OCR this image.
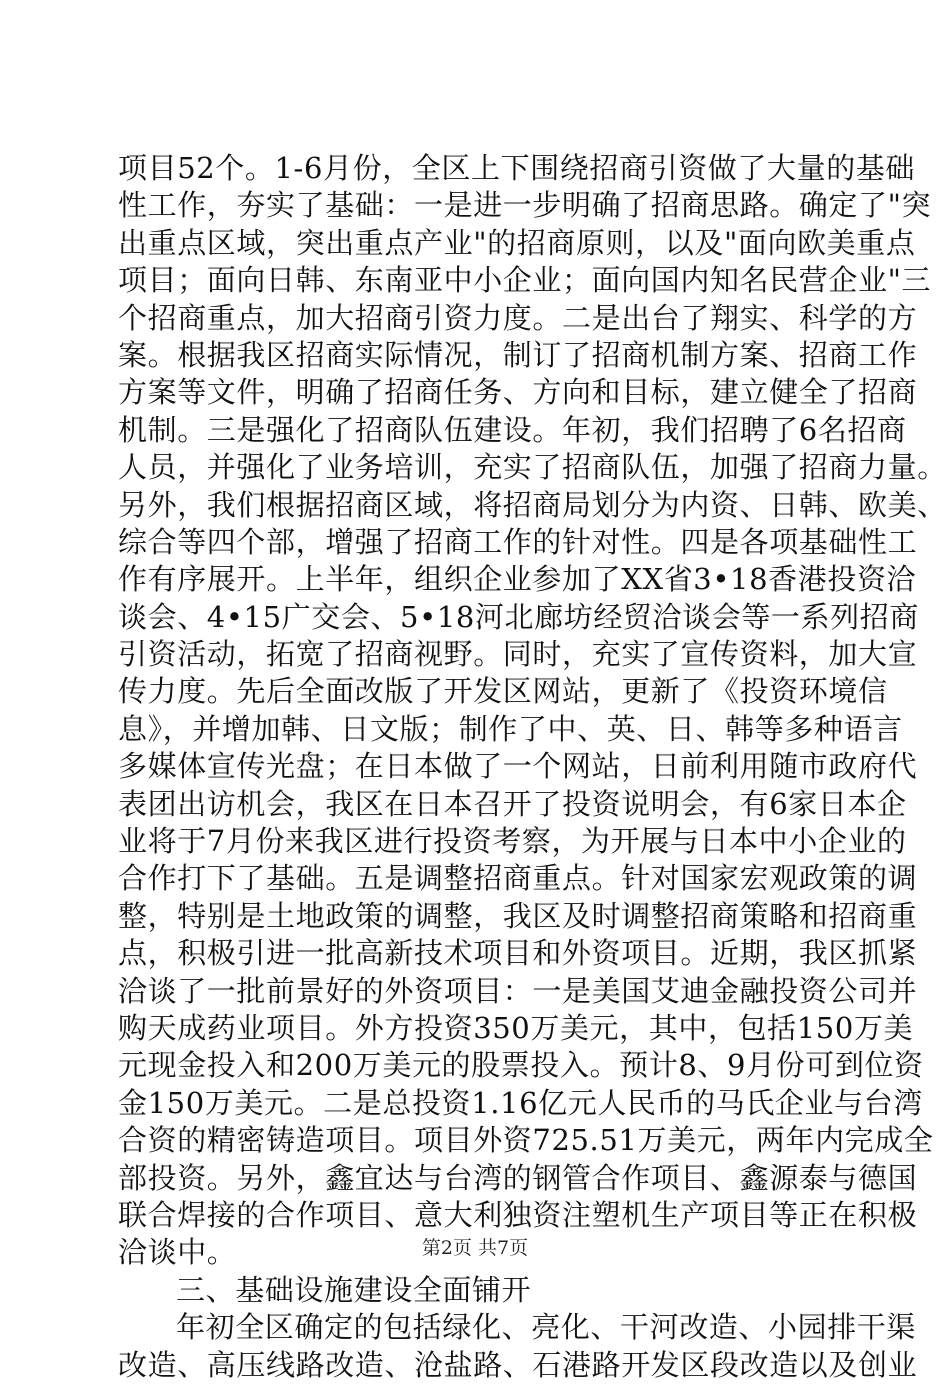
项目52个。1-6月份，全区上下围绕招商引资做了大量的基础
性工作，夯实了基础：一是进一步明确了招商思路。确定了"突
出重点区域，突出重点产业"的招商原则，以及"面向欧美重点
项目；面向日韩、东南亚中小企业；面向国内知名民营企业"三
个招商重点，加大招商引资力度。二是出台了翔实、科学的方
案。根据我区招商实际情况，制订了招商机制方案、招商工作
方案等文件，明确了招商任务、方向和目标，建立健全了招商
机制。三是强化了招商队伍建设。年初，我们招聘了6名招商
人员，并强化了业务培训，充实了招商队伍，加强了招商力量。
另外，我们根据招商区域，将招商局划分为内资、日韩、欧美、
综合等四个部，增强了招商工作的针对性。四是各项基础性工
作有序展开。上半年，组织企业参加了XX省3•18香港投资洽
谈会、4•15广交会、5•18河北廊坊经贸洽谈会等一系列招商
引资活动，拓宽了招商视野。同时，充实了宣传资料，加大宣
传力度。先后全面改版了开发区网站，更新了《投资环境信
息》，并增加韩、日文版；制作了中、英、日、韩等多种语言
多媒体宣传光盘；在日本做了一个网站，日前利用随市政府代
表团出访机会，我区在日本召开了投资说明会，有6家日本企
业将于7月份来我区进行投资考察，为开展与日本中小企业的
合作打下了基础。五是调整招商重点。针对国家宏观政策的调
整，特别是土地政策的调整，我区及时调整招商策略和招商重
点，积极引进一批高新技术项目和外资项目。近期，我区抓紧
洽谈了一批前景好的外资项目：一是美国艾迪金融投资公司并
购天成药业项目。外方投资350万美元，其中，包括150万美
元现金投入和200万美元的股票投入。预计8、9月份可到位资
金150万美元。二是总投资1.16亿元人民币的马氏企业与台湾
合资的精密铸造项目。项目外资725.51万美元，两年内完成全
部投资。另外，鑫宜达与台湾的钢管合作项目、鑫源泰与德国
联合焊接的合作项目、意大利独资注塑机生产项目等正在积极
洽谈中。
三、基础设施建设全面铺开
年初全区确定的包括绿化、亮化、干河改造、小园排干渠
改造、高压线路改造、沧盐路、石港路开发区段改造以及创业
第2页 共7页
